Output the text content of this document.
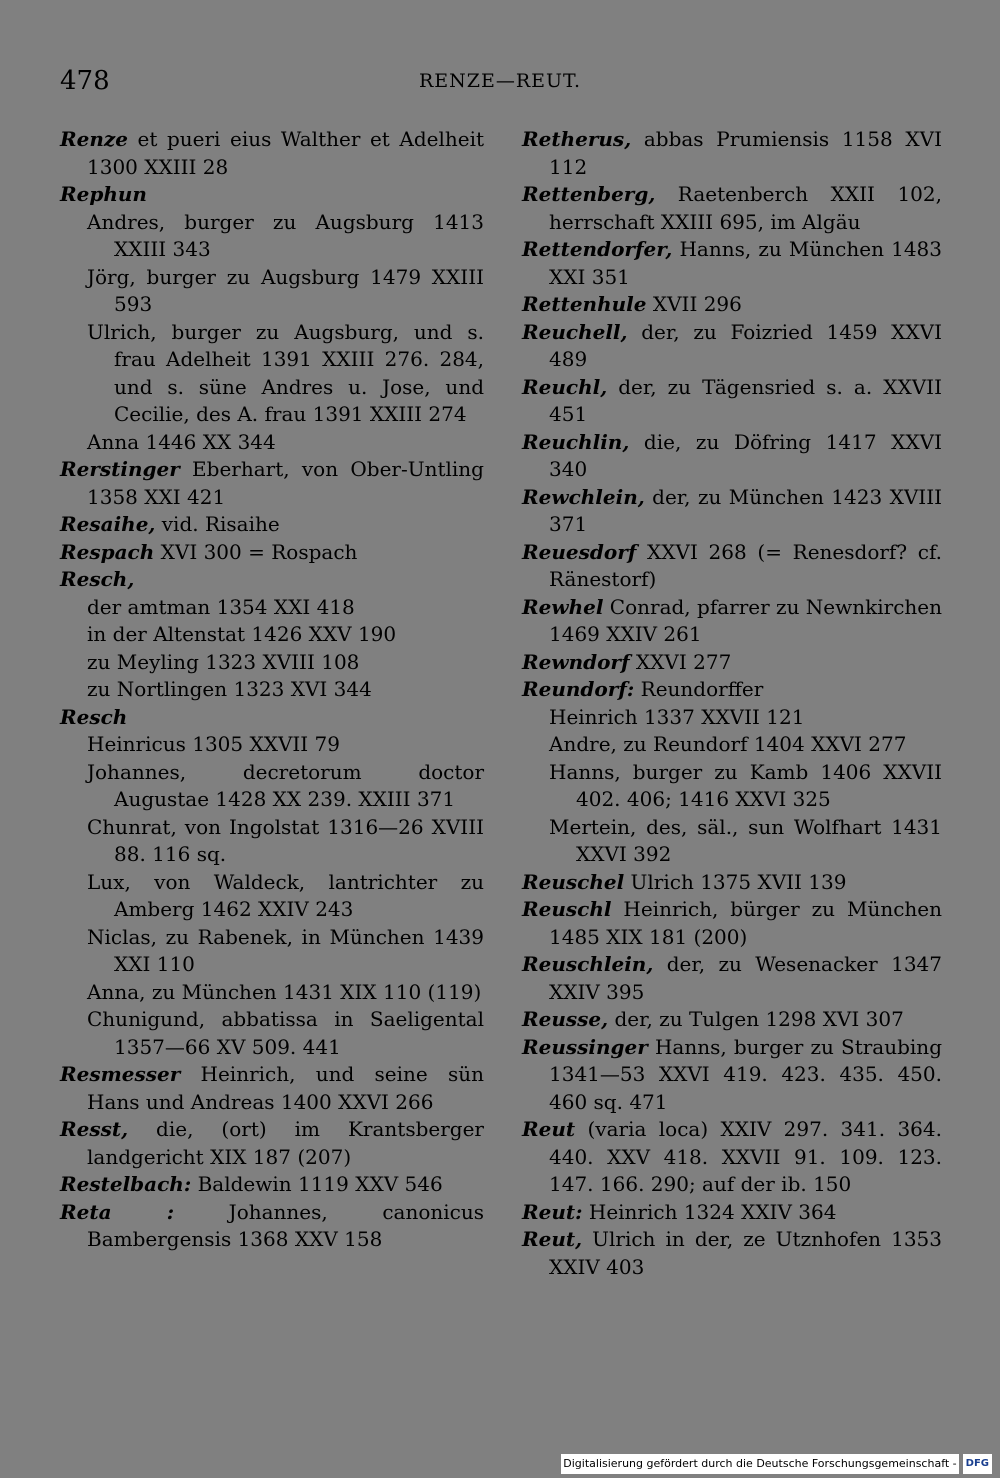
478	RENZE—REUT.
Renze et pueri eius Walther et Adelheit 1300 XXIII 28
Rephun
Andres, burger zu Augsburg 1413 XXIII 343
Jörg, burger zu Augsburg 1479 XXIII 593
Ulrich, burger zu Augsburg, und s. frau Adelheit 1391 XXIII 276. 284, und s. süne Andres u. Jose, und Cecilie, des A. frau 1391 XXIII 274
Anna 1446 XX 344
Rerstinger Eberhart, von Ober-Untling 1358 XXI 421
Resaihe, vid. Risaihe
Respach XVI 300 = Rospach
Resch,
der amtman 1354 XXI 418
in der Altenstat 1426 XXV 190
zu Meyling 1323 XVIII 108
zu Nortlingen 1323 XVI 344
Resch
Heinricus 1305 XXVII 79
Johannes, decretorum doctor Augustae 1428 XX 239. XXIII 371
Chunrat, von Ingolstat 1316—26 XVIII 88. 116 sq.
Lux, von Waldeck, lantrichter zu Amberg 1462 XXIV 243
Niclas, zu Rabenek, in München 1439 XXI 110
Anna, zu München 1431 XIX 110 (119)
Chunigund, abbatissa in Saeligental 1357—66 XV 509. 441
Resmesser Heinrich, und seine sün Hans und Andreas 1400 XXVI 266
Resst, die, (ort) im Krantsberger landgericht XIX 187 (207)
Restelbach: Baldewin 1119 XXV 546
Reta : Johannes, canonicus Bambergensis 1368 XXV 158
Retherus, abbas Prumiensis 1158 XVI 112
Rettenberg, Raetenberch XXII 102, herrschaft XXIII 695, im Algäu
Rettendorfer, Hanns, zu München 1483 XXI 351
Rettenhule XVII 296
Reuchell, der, zu Foizried 1459 XXVI 489
Reuchl, der, zu Tägensried s. a. XXVII 451
Reuchlin, die, zu Döfring 1417 XXVI 340
Rewchlein, der, zu München 1423 XVIII 371
Reuesdorf XXVI 268 (= Renesdorf? cf. Ränestorf)
Rewhel Conrad, pfarrer zu Newnkirchen 1469 XXIV 261
Rewndorf XXVI 277
Reundorf: Reundorffer
Heinrich 1337 XXVII 121
Andre, zu Reundorf 1404 XXVI 277
Hanns, burger zu Kamb 1406 XXVII 402. 406; 1416 XXVI 325
Mertein, des, säl., sun Wolfhart 1431 XXVI 392
Reuschel Ulrich 1375 XVII 139
Reuschl Heinrich, bürger zu München 1485 XIX 181 (200)
Reuschlein, der, zu Wesenacker 1347 XXIV 395
Reusse, der, zu Tulgen 1298 XVI 307
Reussinger Hanns, burger zu Straubing 1341—53 XXVI 419. 423. 435. 450. 460 sq. 471
Reut (varia loca) XXIV 297. 341. 364. 440. XXV 418. XXVII 91. 109. 123. 147. 166. 290; auf der ib. 150
Reut: Heinrich 1324 XXIV 364
Reut, Ulrich in der, ze Utznhofen 1353 XXIV 403
Digitalisierung gefördert durch die Deutsche Forschungsgemeinschaft - DFG
